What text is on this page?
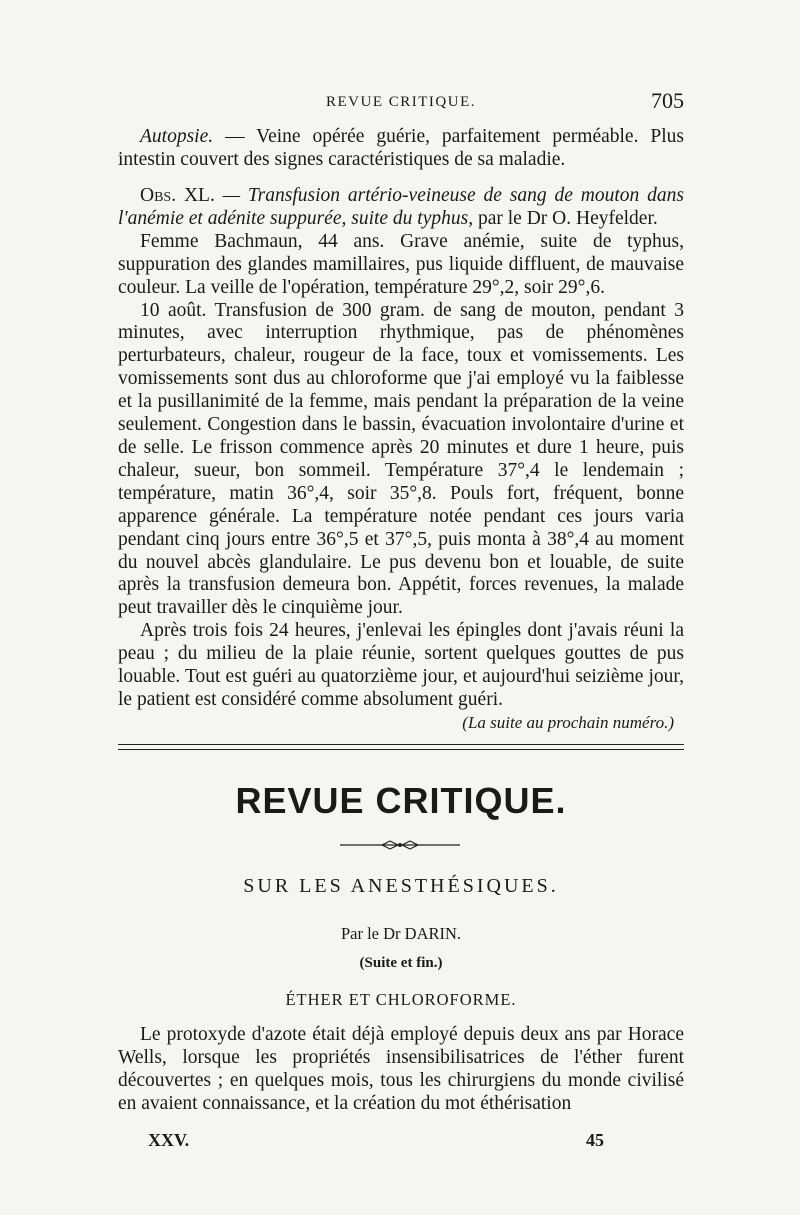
REVUE CRITIQUE.	705

Autopsie. — Veine opérée guérie, parfaitement perméable. Plus intestin couvert des signes caractéristiques de sa maladie.

Obs. XL. — Transfusion artério-veineuse de sang de mouton dans l'anémie et adénite suppurée, suite du typhus, par le Dr O. Heyfelder.

Femme Bachmaun, 44 ans. Grave anémie, suite de typhus, suppuration des glandes mamillaires, pus liquide diffluent, de mauvaise couleur. La veille de l'opération, température 29°,2, soir 29°,6.

10 août. Transfusion de 300 gram. de sang de mouton, pendant 3 minutes, avec interruption rhythmique, pas de phénomènes perturbateurs, chaleur, rougeur de la face, toux et vomissements. Les vomissements sont dus au chloroforme que j'ai employé vu la faiblesse et la pusillanimité de la femme, mais pendant la préparation de la veine seulement. Congestion dans le bassin, évacuation involontaire d'urine et de selle. Le frisson commence après 20 minutes et dure 1 heure, puis chaleur, sueur, bon sommeil. Température 37°,4 le lendemain ; température, matin 36°,4, soir 35°,8. Pouls fort, fréquent, bonne apparence générale. La température notée pendant ces jours varia pendant cinq jours entre 36°,5 et 37°,5, puis monta à 38°,4 au moment du nouvel abcès glandulaire. Le pus devenu bon et louable, de suite après la transfusion demeura bon. Appétit, forces revenues, la malade peut travailler dès le cinquième jour.

Après trois fois 24 heures, j'enlevai les épingles dont j'avais réuni la peau ; du milieu de la plaie réunie, sortent quelques gouttes de pus louable. Tout est guéri au quatorzième jour, et aujourd'hui seizième jour, le patient est considéré comme absolument guéri.

(La suite au prochain numéro.)

REVUE CRITIQUE.
SUR LES ANESTHÉSIQUES.
Par le Dr DARIN.
(Suite et fin.)
ÉTHER ET CHLOROFORME.

Le protoxyde d'azote était déjà employé depuis deux ans par Horace Wells, lorsque les propriétés insensibilisatrices de l'éther furent découvertes ; en quelques mois, tous les chirurgiens du monde civilisé en avaient connaissance, et la création du mot éthérisation

XXV.	45
